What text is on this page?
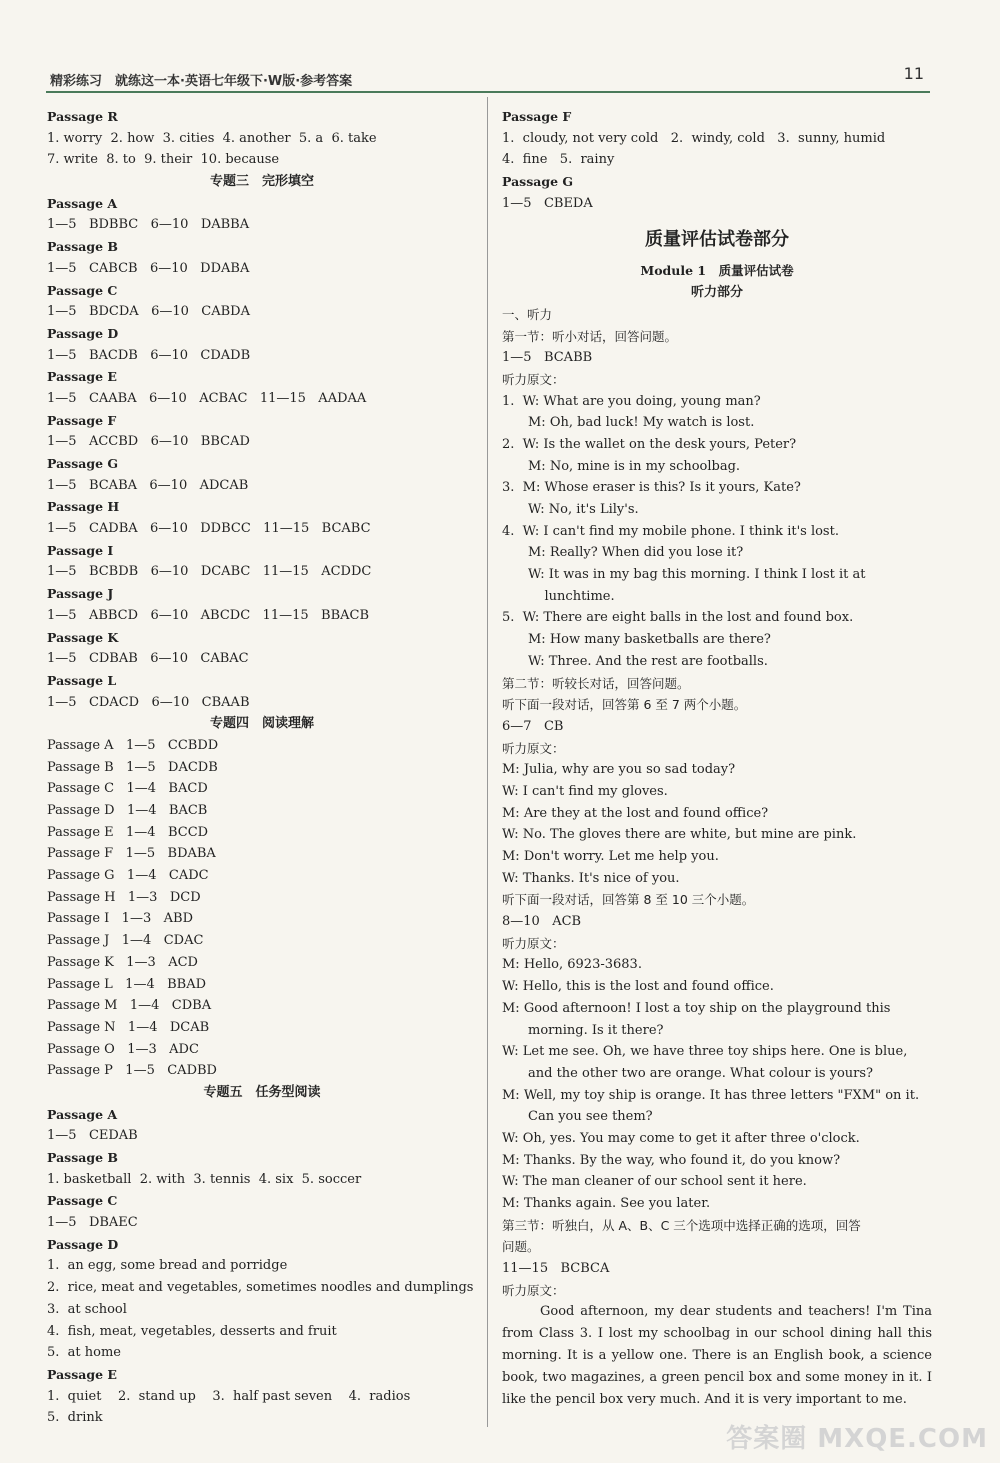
精彩练习　就练这一本·英语七年级下·W版·参考答案	11
Passage R
1. worry  2. how  3. cities  4. another  5. a  6. take
7. write  8. to  9. their  10. because
专题三　完形填空
Passage A
1—5   BDBBC   6—10   DABBA
Passage B
1—5   CABCB   6—10   DDABA
Passage C
1—5   BDCDA   6—10   CABDA
Passage D
1—5   BACDB   6—10   CDADB
Passage E
1—5   CAABA   6—10   ACBAC   11—15   AADAA
Passage F
1—5   ACCBD   6—10   BBCAD
Passage G
1—5   BCABA   6—10   ADCAB
Passage H
1—5   CADBA   6—10   DDBCC   11—15   BCABC
Passage I
1—5   BCBDB   6—10   DCABC   11—15   ACDDC
Passage J
1—5   ABBCD   6—10   ABCDC   11—15   BBACB
Passage K
1—5   CDBAB   6—10   CABAC
Passage L
1—5   CDACD   6—10   CBAAB
专题四　阅读理解
Passage A   1—5   CCBDD
Passage B   1—5   DACDB
Passage C   1—4   BACD
Passage D   1—4   BACB
Passage E   1—4   BCCD
Passage F   1—5   BDABA
Passage G   1—4   CADC
Passage H   1—3   DCD
Passage I   1—3   ABD
Passage J   1—4   CDAC
Passage K   1—3   ACD
Passage L   1—4   BBAD
Passage M   1—4   CDBA
Passage N   1—4   DCAB
Passage O   1—3   ADC
Passage P   1—5   CADBD
专题五　任务型阅读
Passage A
1—5   CEDAB
Passage B
1. basketball  2. with  3. tennis  4. six  5. soccer
Passage C
1—5   DBAEC
Passage D
1.  an egg, some bread and porridge
2.  rice, meat and vegetables, sometimes noodles and dumplings
3.  at school
4.  fish, meat, vegetables, desserts and fruit
5.  at home
Passage E
1.  quiet    2.  stand up    3.  half past seven    4.  radios
5.  drink
Passage F
1.  cloudy, not very cold   2.  windy, cold   3.  sunny, humid
4.  fine   5.  rainy
Passage G
1—5   CBEDA
质量评估试卷部分
Module 1　质量评估试卷
听力部分
一、听力
第一节：听小对话，回答问题。
1—5   BCABB
听力原文：
1.  W: What are you doing, young man?
M: Oh, bad luck! My watch is lost.
2.  W: Is the wallet on the desk yours, Peter?
M: No, mine is in my schoolbag.
3.  M: Whose eraser is this? Is it yours, Kate?
W: No, it's Lily's.
4.  W: I can't find my mobile phone. I think it's lost.
M: Really? When did you lose it?
W: It was in my bag this morning. I think I lost it at
lunchtime.
5.  W: There are eight balls in the lost and found box.
M: How many basketballs are there?
W: Three. And the rest are footballs.
第二节：听较长对话，回答问题。
听下面一段对话，回答第 6 至 7 两个小题。
6—7   CB
听力原文：
M: Julia, why are you so sad today?
W: I can't find my gloves.
M: Are they at the lost and found office?
W: No. The gloves there are white, but mine are pink.
M: Don't worry. Let me help you.
W: Thanks. It's nice of you.
听下面一段对话，回答第 8 至 10 三个小题。
8—10   ACB
听力原文：
M: Hello, 6923-3683.
W: Hello, this is the lost and found office.
M: Good afternoon! I lost a toy ship on the playground this
morning. Is it there?
W: Let me see. Oh, we have three toy ships here. One is blue,
and the other two are orange. What colour is yours?
M: Well, my toy ship is orange. It has three letters "FXM" on it.
Can you see them?
W: Oh, yes. You may come to get it after three o'clock.
M: Thanks. By the way, who found it, do you know?
W: The man cleaner of our school sent it here.
M: Thanks again. See you later.
第三节：听独白，从 A、B、C 三个选项中选择正确的选项，回答
问题。
11—15   BCBCA
听力原文：
Good afternoon, my dear students and teachers! I'm Tina from Class 3. I lost my schoolbag in our school dining hall this morning. It is a yellow one. There is an English book, a science book, two magazines, a green pencil box and some money in it. I like the pencil box very much. And it is very important to me.
答案圈 MXQE.COM
